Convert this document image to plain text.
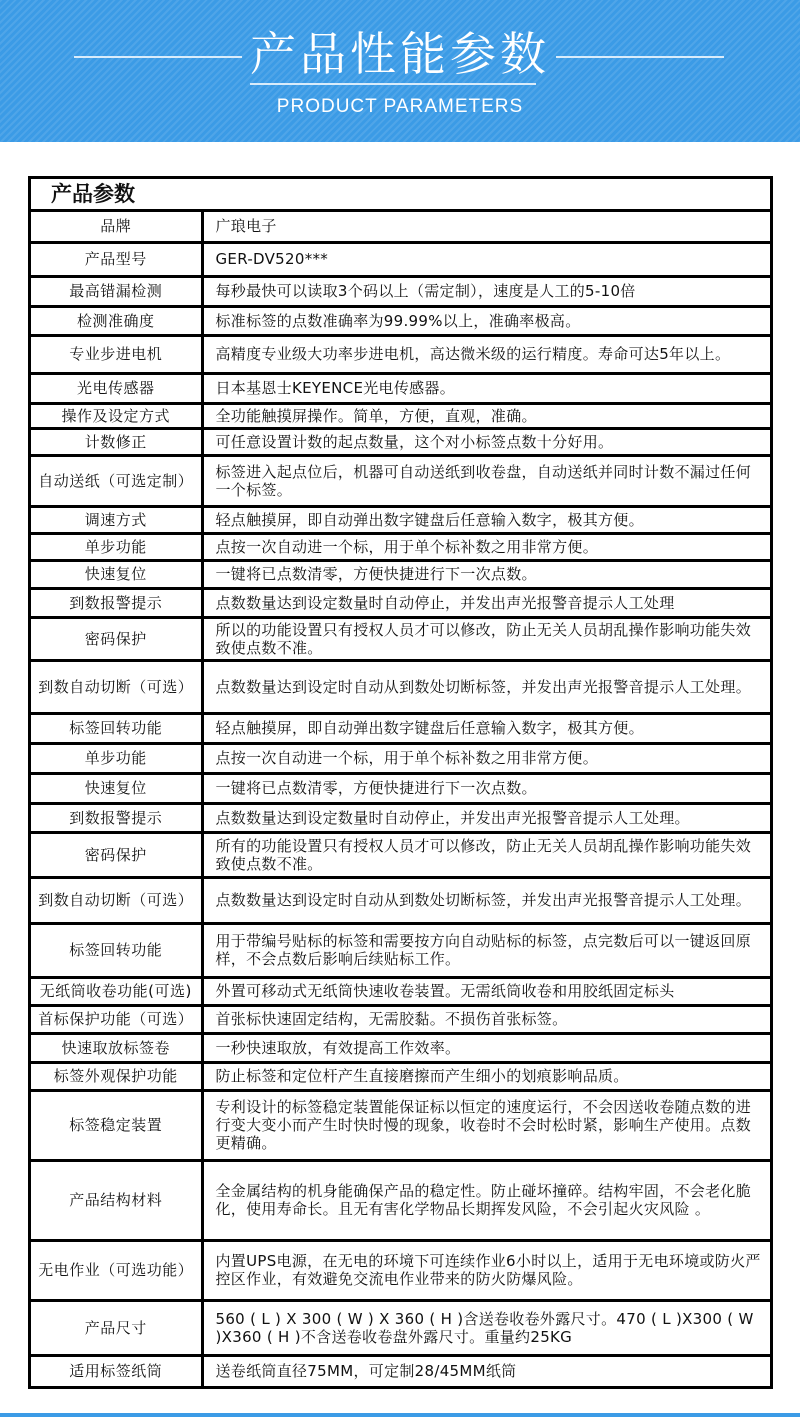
产品性能参数
PRODUCT PARAMETERS
产品参数
品牌	广琅电子
产品型号	GER-DV520***
最高错漏检测	每秒最快可以读取3个码以上（需定制），速度是人工的5-10倍
检测准确度	标准标签的点数准确率为99.99%以上，准确率极高。
专业步进电机	高精度专业级大功率步进电机，高达微米级的运行精度。寿命可达5年以上。
光电传感器	日本基恩士KEYENCE光电传感器。
操作及设定方式	全功能触摸屏操作。简单，方便，直观，准确。
计数修正	可任意设置计数的起点数量，这个对小标签点数十分好用。
自动送纸（可选定制）	标签进入起点位后，机器可自动送纸到收卷盘，自动送纸并同时计数不漏过任何一个标签。
调速方式	轻点触摸屏，即自动弹出数字键盘后任意输入数字，极其方便。
单步功能	点按一次自动进一个标，用于单个标补数之用非常方便。
快速复位	一键将已点数清零，方便快捷进行下一次点数。
到数报警提示	点数数量达到设定数量时自动停止，并发出声光报警音提示人工处理
密码保护	所以的功能设置只有授权人员才可以修改，防止无关人员胡乱操作影响功能失效致使点数不准。
到数自动切断（可选）	点数数量达到设定时自动从到数处切断标签，并发出声光报警音提示人工处理。
标签回转功能	轻点触摸屏，即自动弹出数字键盘后任意输入数字，极其方便。
单步功能	点按一次自动进一个标，用于单个标补数之用非常方便。
快速复位	一键将已点数清零，方便快捷进行下一次点数。
到数报警提示	点数数量达到设定数量时自动停止，并发出声光报警音提示人工处理。
密码保护	所有的功能设置只有授权人员才可以修改，防止无关人员胡乱操作影响功能失效致使点数不准。
到数自动切断（可选）	点数数量达到设定时自动从到数处切断标签，并发出声光报警音提示人工处理。
标签回转功能	用于带编号贴标的标签和需要按方向自动贴标的标签，点完数后可以一键返回原样，不会点数后影响后续贴标工作。
无纸筒收卷功能(可选)	外置可移动式无纸筒快速收卷装置。无需纸筒收卷和用胶纸固定标头
首标保护功能（可选）	首张标快速固定结构，无需胶黏。不损伤首张标签。
快速取放标签卷	一秒快速取放，有效提高工作效率。
标签外观保护功能	防止标签和定位杆产生直接磨擦而产生细小的划痕影响品质。
标签稳定装置	专利设计的标签稳定装置能保证标以恒定的速度运行，不会因送收卷随点数的进行变大变小而产生时快时慢的现象，收卷时不会时松时紧，影响生产使用。点数更精确。
产品结构材料	全金属结构的机身能确保产品的稳定性。防止碰坏撞碎。结构牢固，不会老化脆化，使用寿命长。且无有害化学物品长期挥发风险，不会引起火灾风险 。
无电作业（可选功能）	内置UPS电源，在无电的环境下可连续作业6小时以上，适用于无电环境或防火严控区作业，有效避免交流电作业带来的防火防爆风险。
产品尺寸	560 ( L ) X 300 ( W ) X 360 ( H )含送卷收卷外露尺寸。470 ( L )X300 ( W )X360 ( H )不含送卷收卷盘外露尺寸。重量约25KG
适用标签纸筒	送卷纸筒直径75MM，可定制28/45MM纸筒
